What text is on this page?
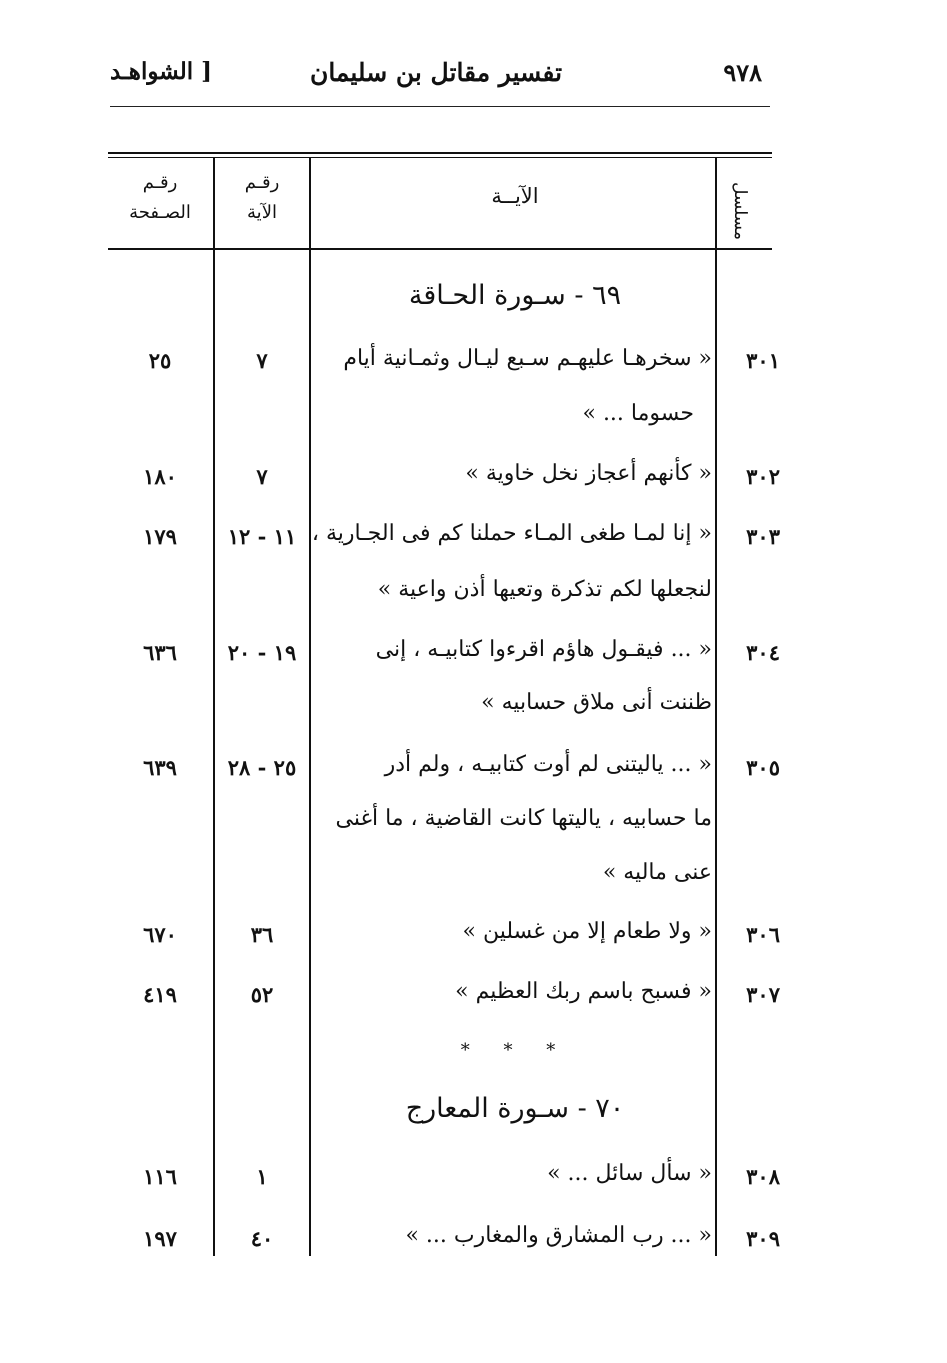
٩٧٨
تفسير مقاتل بن سليمان
[ الشواهـد
مسلسل
الآيــة
رقـم
الآية
رقـم
الصـفحة
٦٩ - سـورة الحـاقة
٣٠١
« سخرهـا عليهـم سـبع ليـال وثمـانية أيام
حسوما ... »
٧
٢٥
٣٠٢
« كأنهم أعجاز نخل خاوية »
٧
١٨٠
٣٠٣
« إنا لمـا طغى المـاء حملنا كم فى الجـارية ،
لنجعلها لكم تذكرة وتعيها أذن واعية »
١١ - ١٢
١٧٩
٣٠٤
« ... فيقـول هاؤم اقرءوا كتابيـه ، إنى
ظننت أنى ملاق حسابيه »
١٩ - ٢٠
٦٣٦
٣٠٥
« ... ياليتنى لم أوت كتابيـه ، ولم أدر
ما حسابيه ، ياليتها كانت القاضية ، ما أغنى
عنى ماليه »
٢٥ - ٢٨
٦٣٩
٣٠٦
« ولا طعام إلا من غسلين »
٣٦
٦٧٠
٣٠٧
« فسبح باسم ربك العظيم »
٥٢
٤١٩
* * *
٧٠ - سـورة المعارج
٣٠٨
« سأل سائل ... »
١
١١٦
٣٠٩
« ... رب المشارق والمغارب ... »
٤٠
١٩٧
